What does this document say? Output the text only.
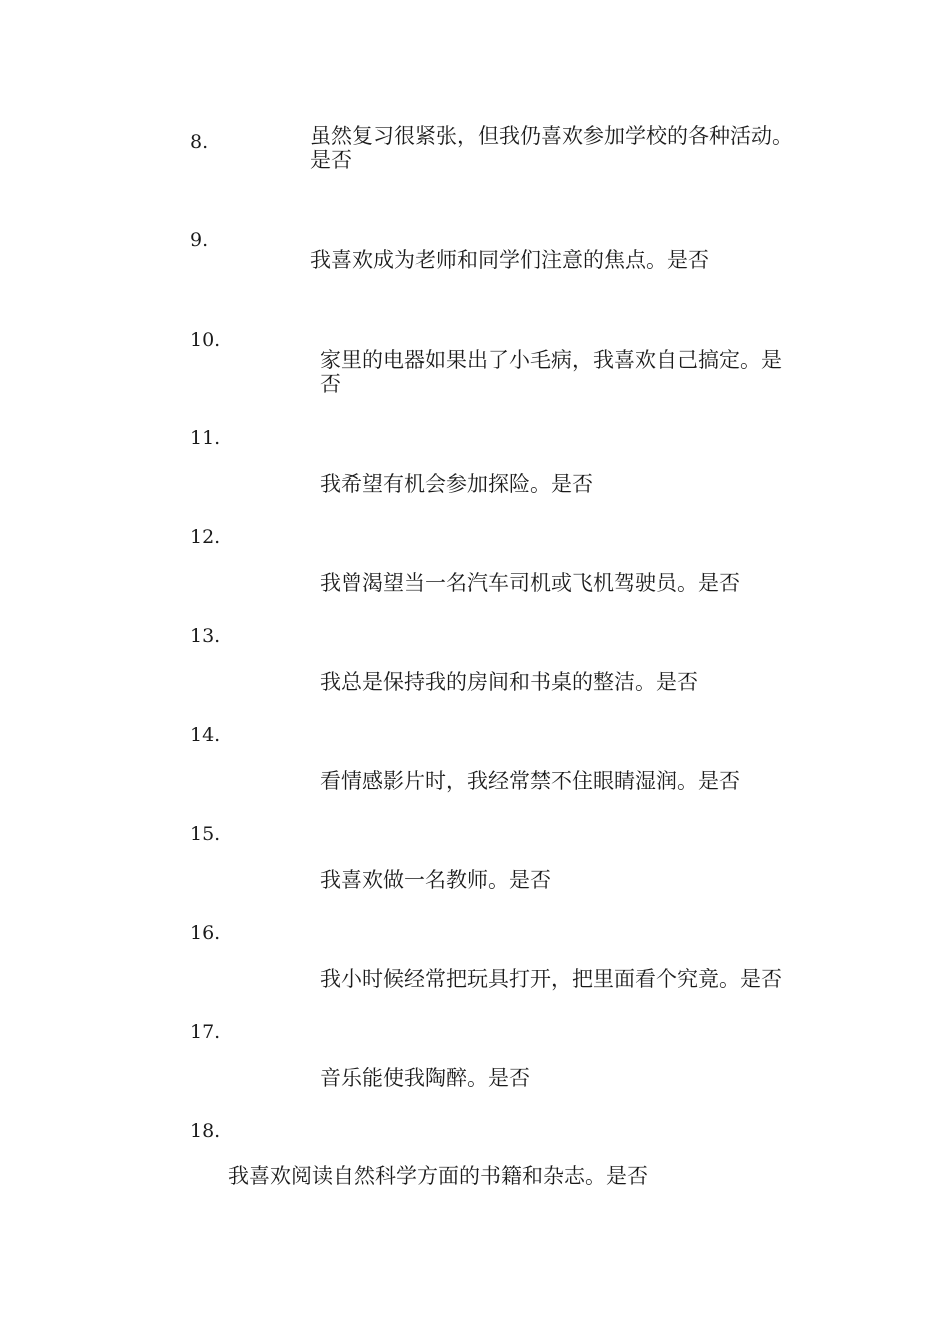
8.	虽然复习很紧张，但我仍喜欢参加学校的各种活动。
是否
9.
我喜欢成为老师和同学们注意的焦点。是否
10.
家里的电器如果出了小毛病，我喜欢自己搞定。是
否
11.
我希望有机会参加探险。是否
12.
我曾渴望当一名汽车司机或飞机驾驶员。是否
13.
我总是保持我的房间和书桌的整洁。是否
14.
看情感影片时，我经常禁不住眼睛湿润。是否
15.
我喜欢做一名教师。是否
16.
我小时候经常把玩具打开，把里面看个究竟。是否
17.
音乐能使我陶醉。是否
18.
我喜欢阅读自然科学方面的书籍和杂志。是否
